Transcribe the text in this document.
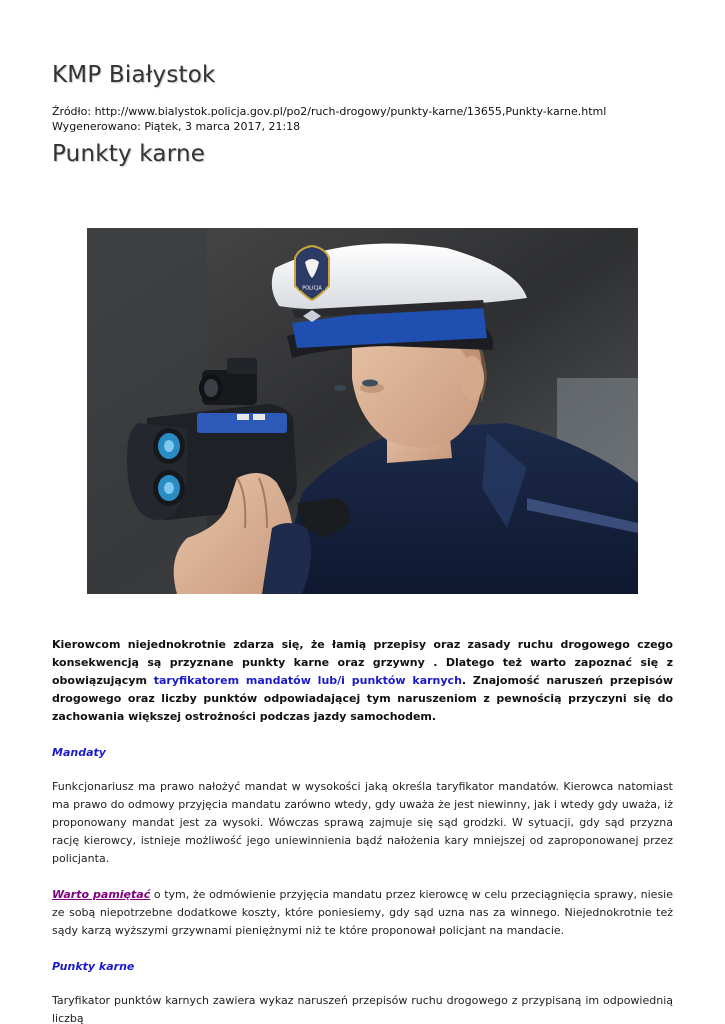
KMP Białystok
Źródło: http://www.bialystok.policja.gov.pl/po2/ruch-drogowy/punkty-karne/13655,Punkty-karne.html
Wygenerowano: Piątek, 3 marca 2017, 21:18
Punkty karne
POLICJA

Kierowcom niejednokrotnie zdarza się, że łamią przepisy oraz zasady ruchu drogowego czego konsekwencją są przyznane punkty karne oraz grzywny . Dlatego też warto zapoznać się z obowiązującym taryfikatorem mandatów lub/i punktów karnych. Znajomość naruszeń przepisów drogowego oraz liczby punktów odpowiadającej tym naruszeniom z pewnością przyczyni się do zachowania większej ostrożności podczas jazdy samochodem.

Mandaty

Funkcjonariusz ma prawo nałożyć mandat w wysokości jaką określa taryfikator mandatów. Kierowca natomiast ma prawo do odmowy przyjęcia mandatu zarówno wtedy, gdy uważa że jest niewinny, jak i wtedy gdy uważa, iż proponowany mandat jest za wysoki. Wówczas sprawą zajmuje się sąd grodzki. W sytuacji, gdy sąd przyzna rację kierowcy, istnieje możliwość jego uniewinnienia bądź nałożenia kary mniejszej od zaproponowanej przez policjanta.

Warto pamiętać o tym, że odmówienie przyjęcia mandatu przez kierowcę w celu przeciągnięcia sprawy, niesie ze sobą niepotrzebne dodatkowe koszty, które poniesiemy, gdy sąd uzna nas za winnego. Niejednokrotnie też sądy karzą wyższymi grzywnami pieniężnymi niż te które proponował policjant na mandacie.

Punkty karne

Taryfikator punktów karnych zawiera wykaz naruszeń przepisów ruchu drogowego z przypisaną im odpowiednią liczbą
